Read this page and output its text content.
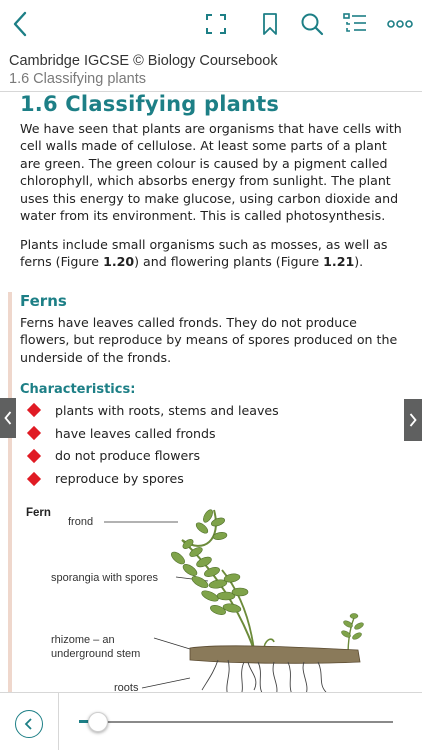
Cambridge IGCSE © Biology Coursebook
1.6 Classifying plants
1.6 Classifying plants
We have seen that plants are organisms that have cells with cell walls made of cellulose. At least some parts of a plant are green. The green colour is caused by a pigment called chlorophyll, which absorbs energy from sunlight. The plant uses this energy to make glucose, using carbon dioxide and water from its environment. This is called photosynthesis.
Plants include small organisms such as mosses, as well as ferns (Figure 1.20) and flowering plants (Figure 1.21).
Ferns
Ferns have leaves called fronds. They do not produce flowers, but reproduce by means of spores produced on the underside of the fronds.
Characteristics:
plants with roots, stems and leaves
have leaves called fronds
do not produce flowers
reproduce by spores
Fern
frond
sporangia with spores
rhizome – an
underground stem
roots
